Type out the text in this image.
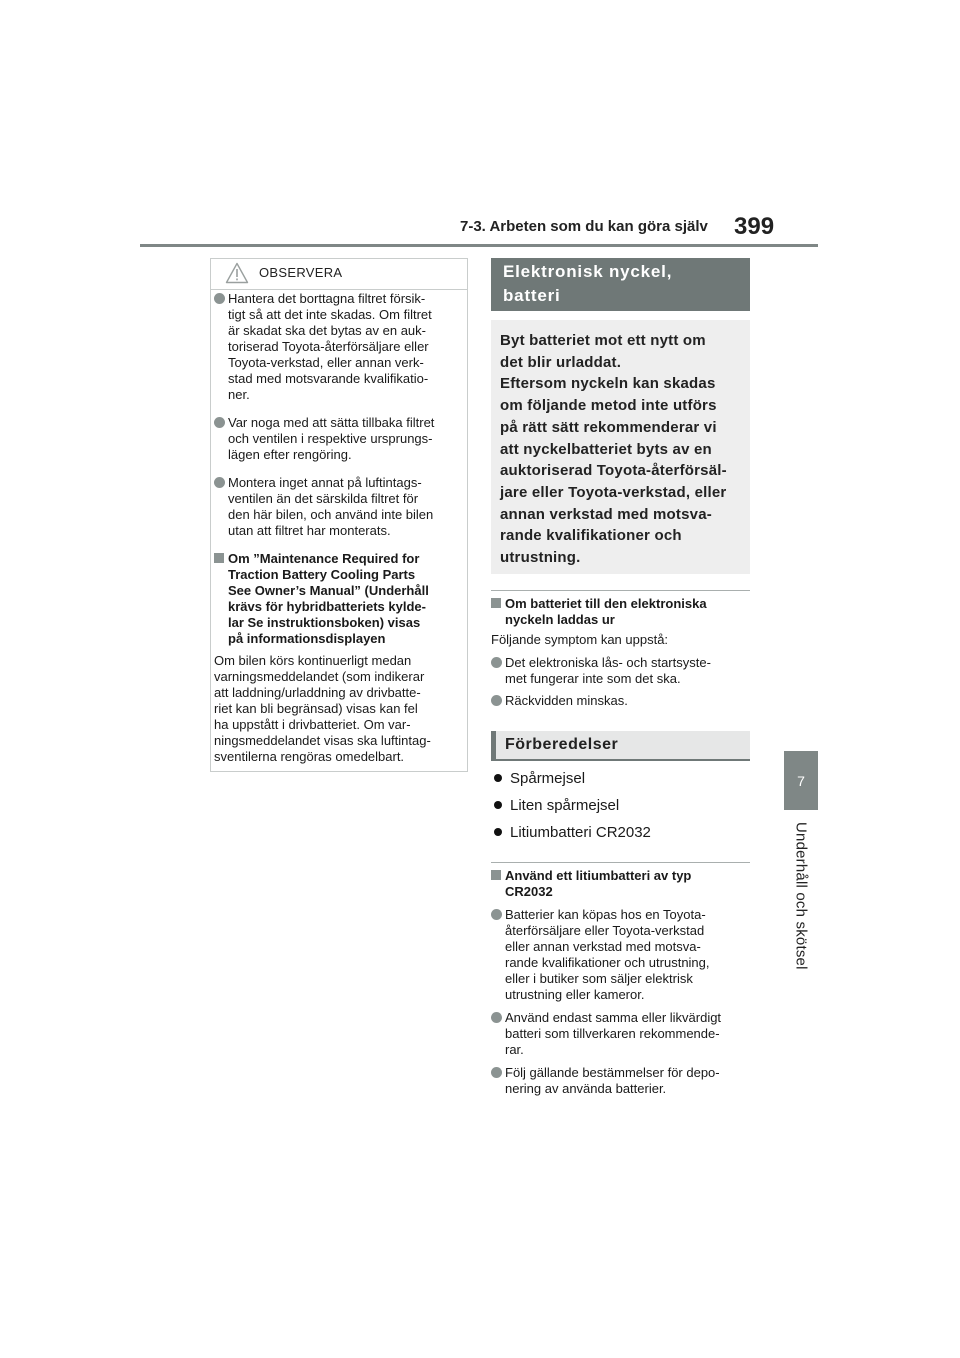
7-3. Arbeten som du kan göra själv 399
7
Underhåll och skötsel
OBSERVERA
Hantera det borttagna filtret försik-
tigt så att det inte skadas. Om filtret
är skadat ska det bytas av en auk-
toriserad Toyota-återförsäljare eller
Toyota-verkstad, eller annan verk-
stad med motsvarande kvalifikatio-
ner.
Var noga med att sätta tillbaka filtret
och ventilen i respektive ursprungs-
lägen efter rengöring.
Montera inget annat på luftintags-
ventilen än det särskilda filtret för
den här bilen, och använd inte bilen
utan att filtret har monterats.
Om ”Maintenance Required for
Traction Battery Cooling Parts
See Owner’s Manual” (Underhåll
krävs för hybridbatteriets kylde-
lar Se instruktionsboken) visas
på informationsdisplayen
Om bilen körs kontinuerligt medan
varningsmeddelandet (som indikerar
att laddning/urladdning av drivbatte-
riet kan bli begränsad) visas kan fel
ha uppstått i drivbatteriet. Om var-
ningsmeddelandet visas ska luftintag-
sventilerna rengöras omedelbart.
Elektronisk nyckel,
batteri
Byt batteriet mot ett nytt om
det blir urladdat.
Eftersom nyckeln kan skadas
om följande metod inte utförs
på rätt sätt rekommenderar vi
att nyckelbatteriet byts av en
auktoriserad Toyota-återförsäl-
jare eller Toyota-verkstad, eller
annan verkstad med motsva-
rande kvalifikationer och
utrustning.
Om batteriet till den elektroniska
nyckeln laddas ur
Följande symptom kan uppstå:
Det elektroniska lås- och startsyste-
met fungerar inte som det ska.
Räckvidden minskas.
Förberedelser
Spårmejsel
Liten spårmejsel
Litiumbatteri CR2032
Använd ett litiumbatteri av typ
CR2032
Batterier kan köpas hos en Toyota-
återförsäljare eller Toyota-verkstad
eller annan verkstad med motsva-
rande kvalifikationer och utrustning,
eller i butiker som säljer elektrisk
utrustning eller kameror.
Använd endast samma eller likvärdigt
batteri som tillverkaren rekommende-
rar.
Följ gällande bestämmelser för depo-
nering av använda batterier.
